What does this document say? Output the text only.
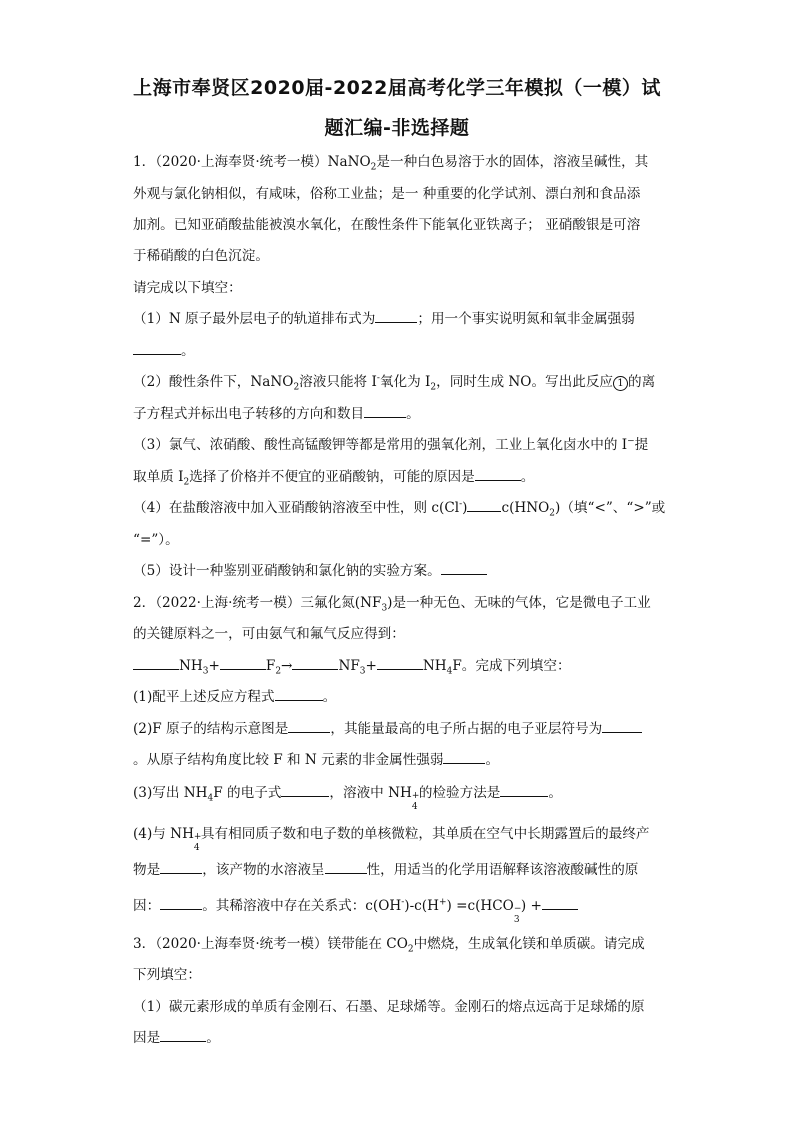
上海市奉贤区2020届-2022届高考化学三年模拟（一模）试
题汇编-非选择题
1．（2020·上海奉贤·统考一模）NaNO$_2$是一种白色易溶于水的固体，溶液呈碱性，其
外观与氯化钠相似，有咸味，俗称工业盐；是一 种重要的化学试剂、漂白剂和食品添
加剂。已知亚硝酸盐能被溴水氧化，在酸性条件下能氧化亚铁离子； 亚硝酸银是可溶
于稀硝酸的白色沉淀。
请完成以下填空：
（1）N 原子最外层电子的轨道排布式为	；用一个事实说明氮和氧非金属强弱
。
（2）酸性条件下，NaNO$_2$溶液只能将 I-氧化为 $I_2$，同时生成 NO。写出此反应 1 的离
子方程式并标出电子转移的方向和数目	。
（3）氯气、浓硝酸、酸性高锰酸钾等都是常用的强氧化剂，工业上氧化卤水中的 I−提
取单质 $I_2$选择了价格并不便宜的亚硝酸钠，可能的原因是	。
（4）在盐酸溶液中加入亚硝酸钠溶液至中性，则 c(Cl-)	$c(HNO_2)$（填“<”、“>”或
“=”）。
（5）设计一种鉴别亚硝酸钠和氯化钠的实验方案。
2．（2022·上海·统考一模）三氟化氮$(NF_3)$是一种无色、无味的气体，它是微电子工业
的关键原料之一，可由氨气和氟气反应得到：
$NH_3+$	$F_2\to$	$NF_3+$	$NH_4F$。完成下列填空：
(1)配平上述反应方程式	。
(2)F 原子的结构示意图是	，其能量最高的电子所占据的电子亚层符号为
。从原子结构角度比较 F 和 N 元素的非金属性强弱	。
(3)写出 $NH_4F$ 的电子式	，溶液中 NH +
4
的检验方法是	。
(4)与 NH +
4
具有相同质子数和电子数的单核微粒，其单质在空气中长期露置后的最终产
物是	，该产物的水溶液呈	性，用适当的化学用语解释该溶液酸碱性的原
因：	。其稀溶液中存在关系式：c(OH-)-c(H+) =c(HCO −
3
) +
3．（2020·上海奉贤·统考一模）镁带能在 $CO_2$中燃烧，生成氧化镁和单质碳。请完成
下列填空：
（1）碳元素形成的单质有金刚石、石墨、足球烯等。金刚石的熔点远高于足球烯的原
因是	。
